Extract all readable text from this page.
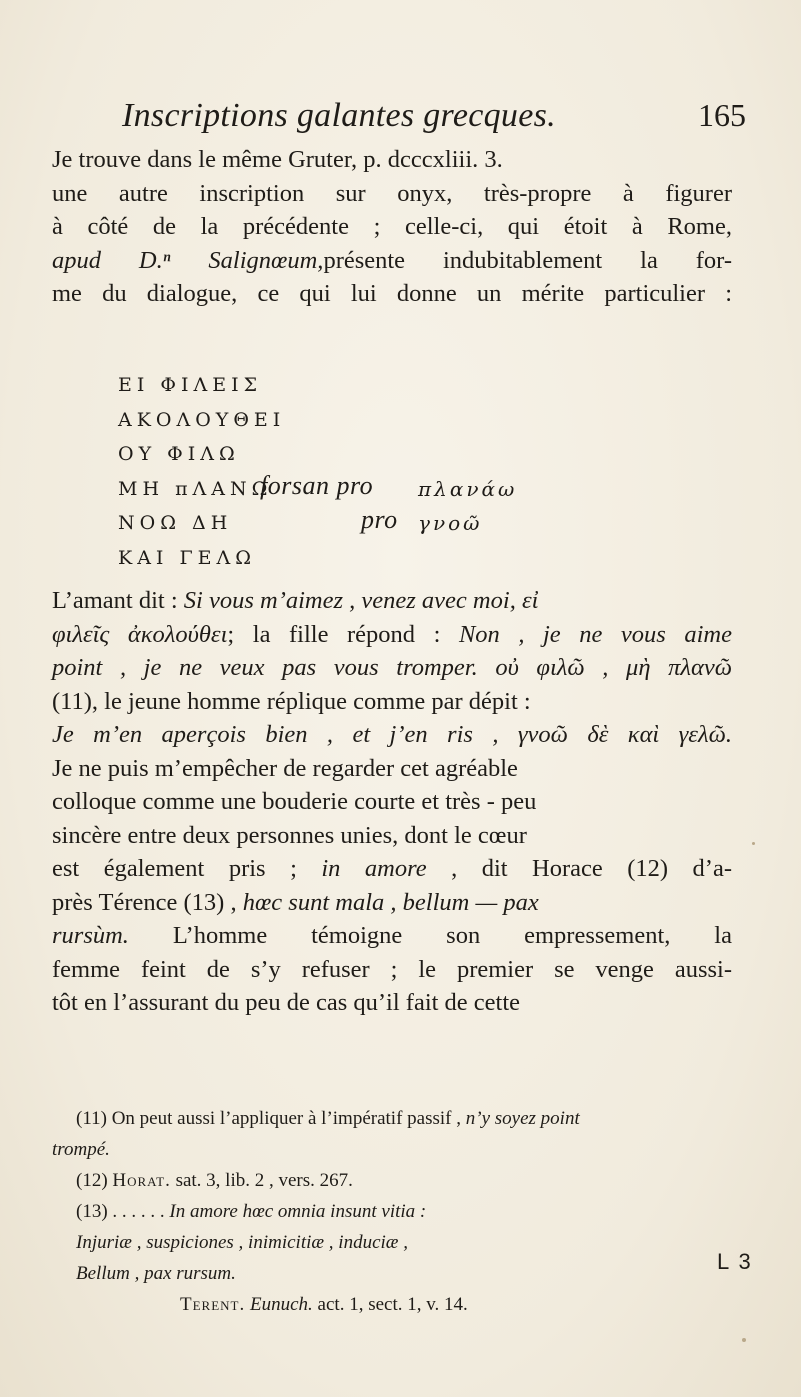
Inscriptions galantes grecques.	165
Je trouve dans le même Gruter, p. dcccxliii. 3.
une autre inscription sur onyx, très-propre à figurer
à côté de la précédente ; celle-ci, qui étoit à Rome,
apud D.ⁿ Salignœum,présente indubitablement la for-
me du dialogue, ce qui lui donne un mérite particulier :
ΕΙ ΦΙΛΕΙΣ
ΑΚΟΛΟΥΘΕΙ
ΟΥ ΦΙΛΩ
ΜΗ πΛΑΝΩ
forsan pro πλανάω
ΝΟΩ ΔΗ	pro γνοῶ
ΚΑΙ ΓΕΛΩ
L’amant dit : Si vous m’aimez , venez avec moi, εἰ
φιλεῖς ἀκολούθει; la fille répond : Non , je ne vous aime
point , je ne veux pas vous tromper. οὐ φιλῶ , μὴ πλανῶ
(11), le jeune homme réplique comme par dépit :
Je m’en aperçois bien , et j’en ris , γνοῶ δὲ καὶ γελῶ.
Je ne puis m’empêcher de regarder cet agréable
colloque comme une bouderie courte et très - peu
sincère entre deux personnes unies, dont le cœur
est également pris ; in amore , dit Horace (12) d’a-
près Térence (13) , hœc sunt mala , bellum — pax
rursùm. L’homme témoigne son empressement, la
femme feint de s’y refuser ; le premier se venge aussi-
tôt en l’assurant du peu de cas qu’il fait de cette
(11) On peut aussi l’appliquer à l’impératif passif , n’y soyez point
trompé.
(12) Horat. sat. 3, lib. 2 , vers. 267.
(13) . . . . . . In amore hœc omnia insunt vitia :
Injuriæ , suspiciones , inimicitiæ , induciæ ,
Bellum , pax rursum.
Terent. Eunuch. act. 1, sect. 1, v. 14.
L 3
